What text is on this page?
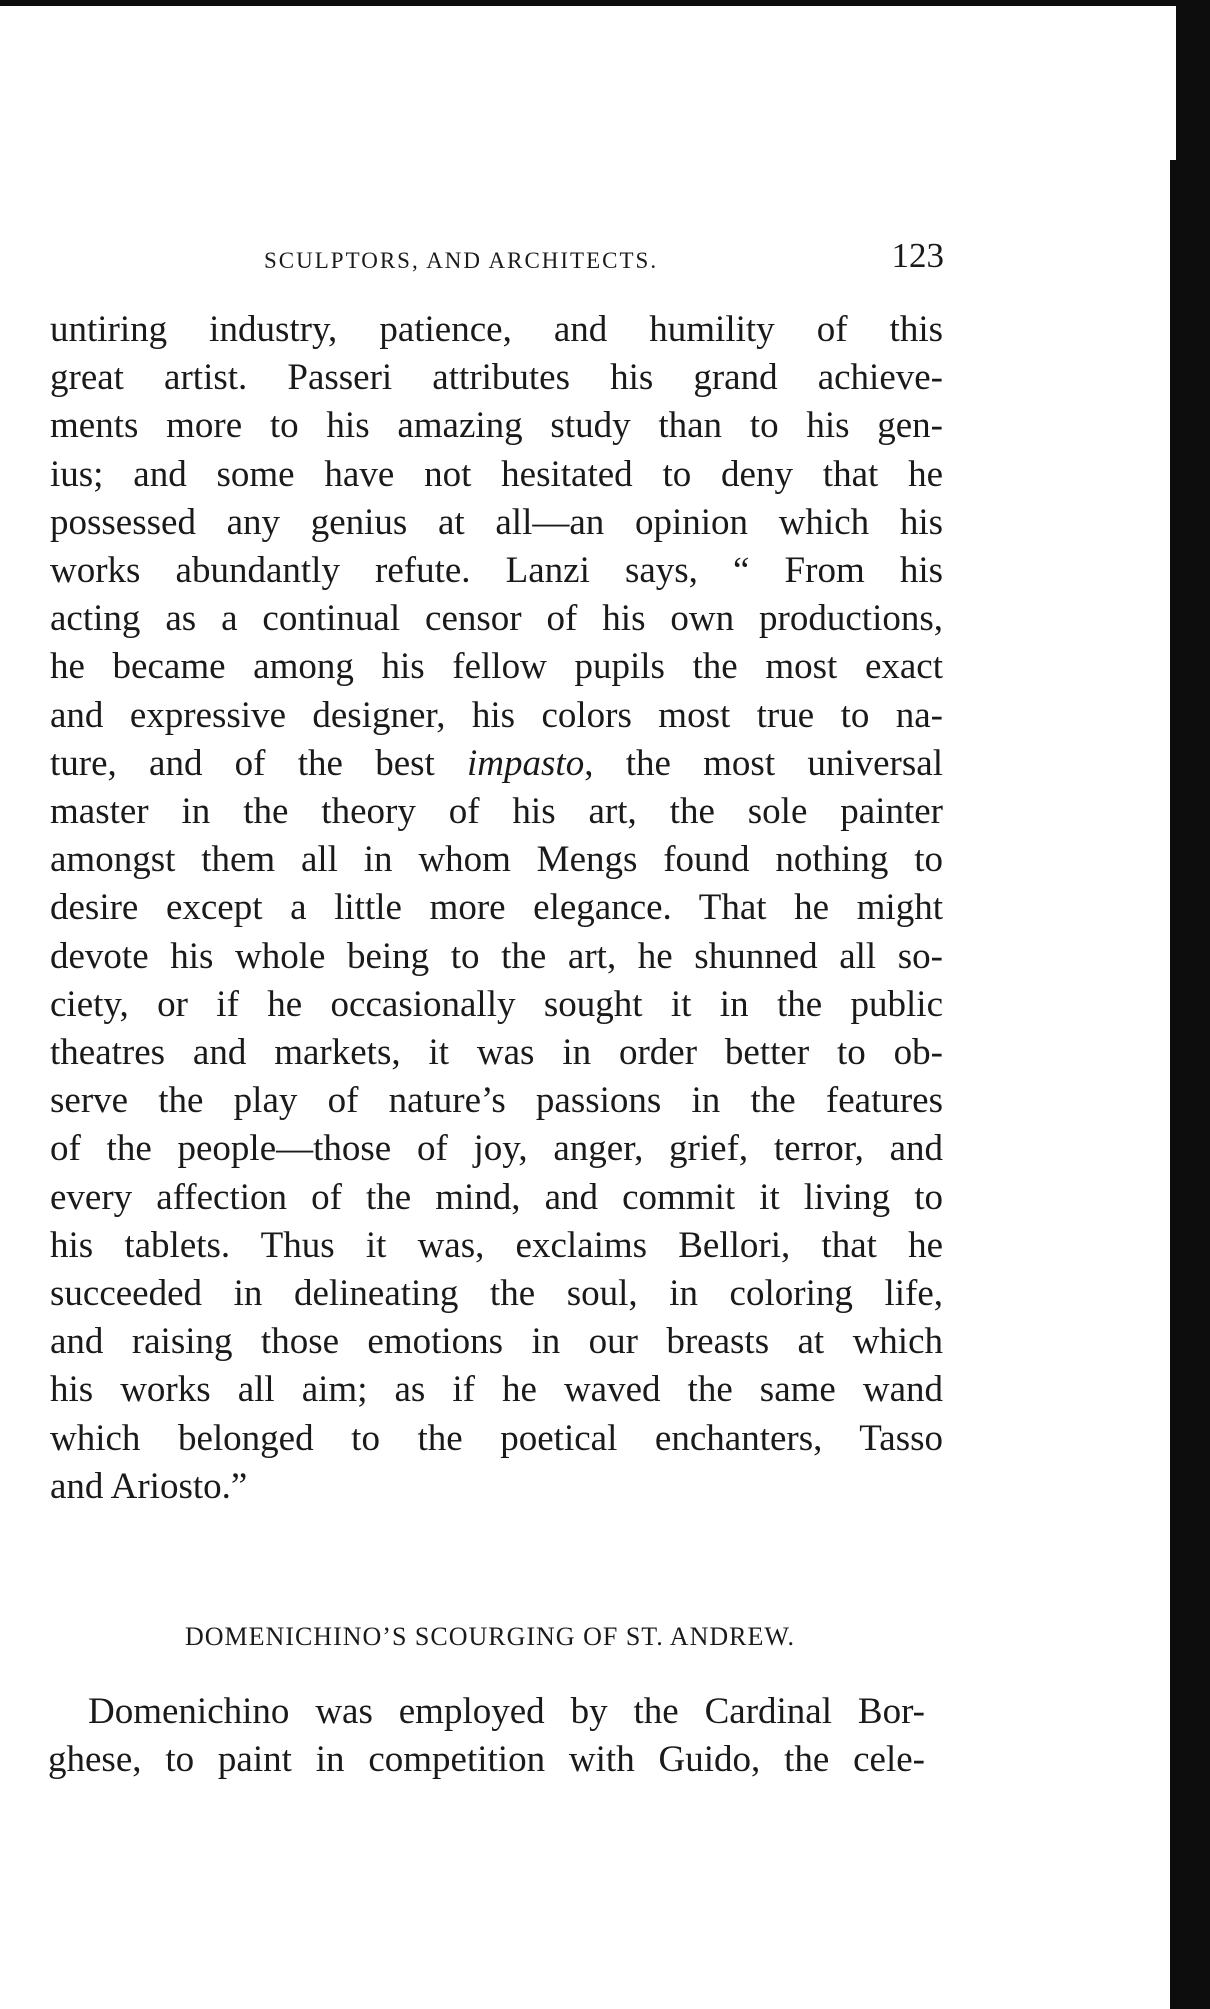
SCULPTORS, AND ARCHITECTS.	123
untiring industry, patience, and humility of this
great artist. Passeri attributes his grand achieve-
ments more to his amazing study than to his gen-
ius; and some have not hesitated to deny that he
possessed any genius at all—an opinion which his
works abundantly refute. Lanzi says, “ From his
acting as a continual censor of his own productions,
he became among his fellow pupils the most exact
and expressive designer, his colors most true to na-
ture, and of the best impasto, the most universal
master in the theory of his art, the sole painter
amongst them all in whom Mengs found nothing to
desire except a little more elegance. That he might
devote his whole being to the art, he shunned all so-
ciety, or if he occasionally sought it in the public
theatres and markets, it was in order better to ob-
serve the play of nature’s passions in the features
of the people—those of joy, anger, grief, terror, and
every affection of the mind, and commit it living to
his tablets. Thus it was, exclaims Bellori, that he
succeeded in delineating the soul, in coloring life,
and raising those emotions in our breasts at which
his works all aim; as if he waved the same wand
which belonged to the poetical enchanters, Tasso
and Ariosto.”
DOMENICHINO’S SCOURGING OF ST. ANDREW.
Domenichino was employed by the Cardinal Bor-
ghese, to paint in competition with Guido, the cele-
